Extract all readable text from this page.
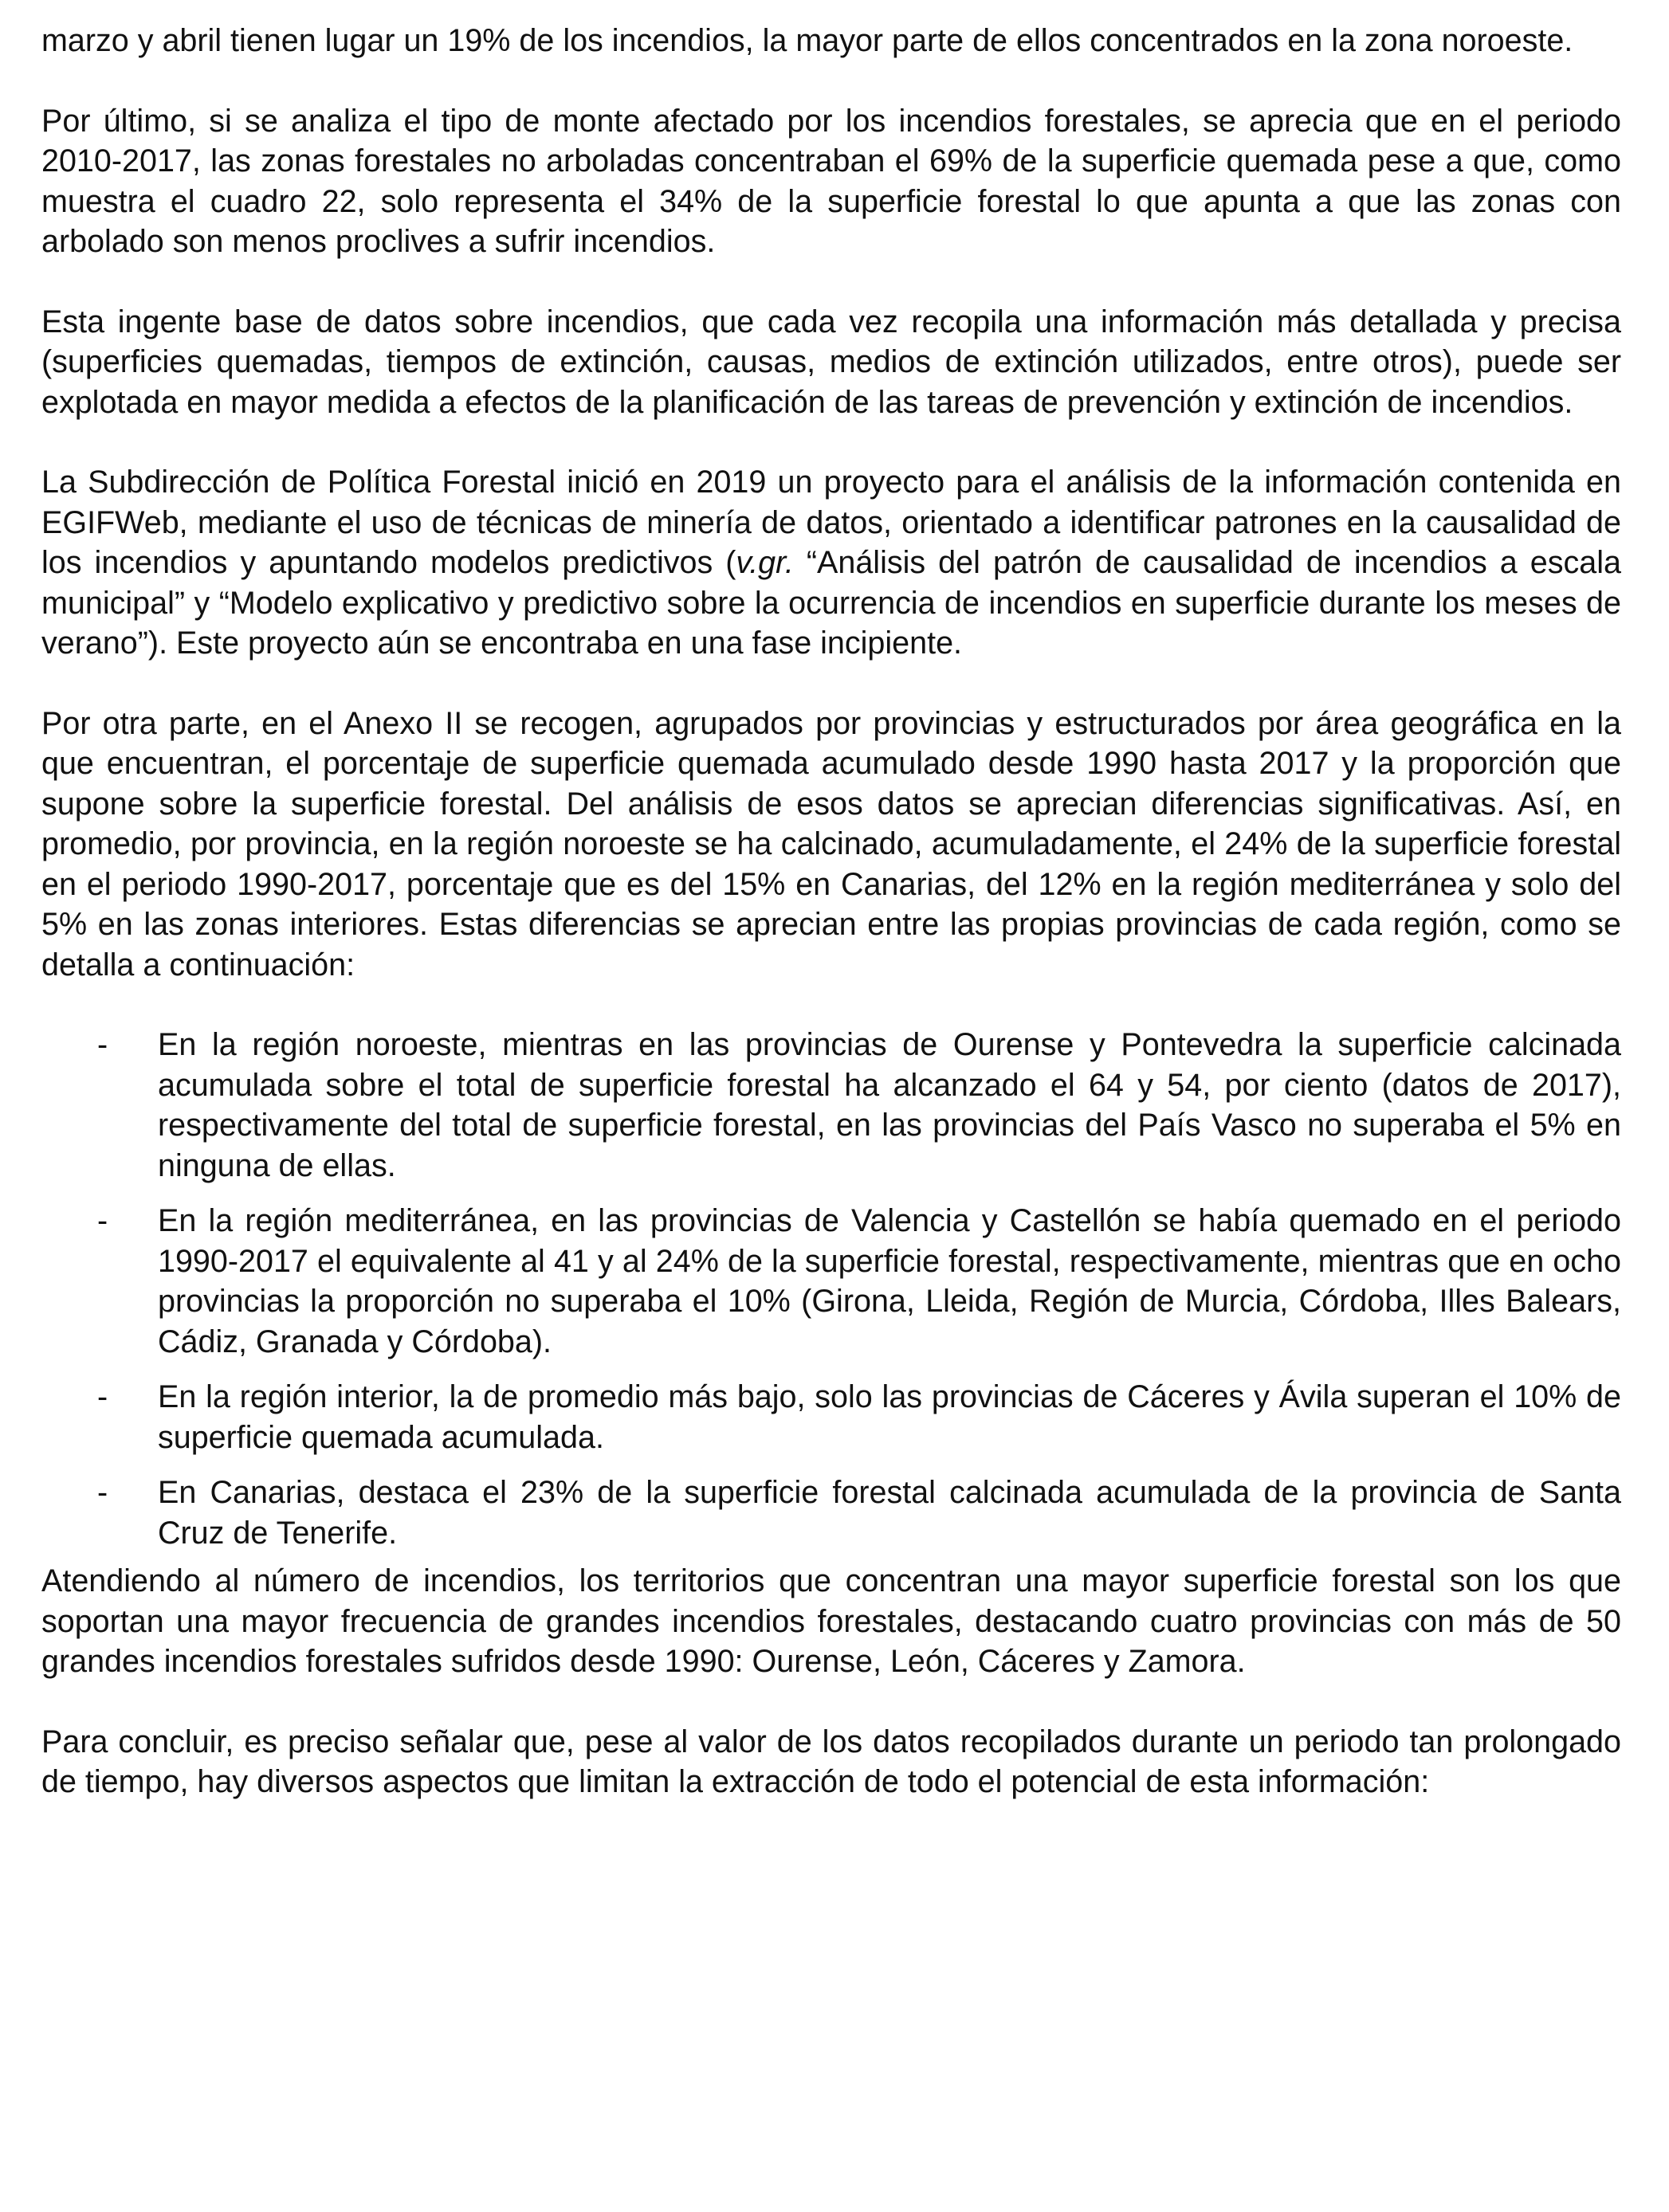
marzo y abril tienen lugar un 19% de los incendios, la mayor parte de ellos concentrados en la zona noroeste.

Por último, si se analiza el tipo de monte afectado por los incendios forestales, se aprecia que en el periodo 2010-2017, las zonas forestales no arboladas concentraban el 69% de la superficie quemada pese a que, como muestra el cuadro 22, solo representa el 34% de la superficie forestal lo que apunta a que las zonas con arbolado son menos proclives a sufrir incendios.

Esta ingente base de datos sobre incendios, que cada vez recopila una información más detallada y precisa (superficies quemadas, tiempos de extinción, causas, medios de extinción utilizados, entre otros), puede ser explotada en mayor medida a efectos de la planificación de las tareas de prevención y extinción de incendios.

La Subdirección de Política Forestal inició en 2019 un proyecto para el análisis de la información contenida en EGIFWeb, mediante el uso de técnicas de minería de datos, orientado a identificar patrones en la causalidad de los incendios y apuntando modelos predictivos (v.gr. “Análisis del patrón de causalidad de incendios a escala municipal” y “Modelo explicativo y predictivo sobre la ocurrencia de incendios en superficie durante los meses de verano”). Este proyecto aún se encontraba en una fase incipiente.

Por otra parte, en el Anexo II se recogen, agrupados por provincias y estructurados por área geográfica en la que encuentran, el porcentaje de superficie quemada acumulado desde 1990 hasta 2017 y la proporción que supone sobre la superficie forestal. Del análisis de esos datos se aprecian diferencias significativas. Así, en promedio, por provincia, en la región noroeste se ha calcinado, acumuladamente, el 24% de la superficie forestal en el periodo 1990-2017, porcentaje que es del 15% en Canarias, del 12% en la región mediterránea y solo del 5% en las zonas interiores. Estas diferencias se aprecian entre las propias provincias de cada región, como se detalla a continuación:

- En la región noroeste, mientras en las provincias de Ourense y Pontevedra la superficie calcinada acumulada sobre el total de superficie forestal ha alcanzado el 64 y 54, por ciento (datos de 2017), respectivamente del total de superficie forestal, en las provincias del País Vasco no superaba el 5% en ninguna de ellas.
- En la región mediterránea, en las provincias de Valencia y Castellón se había quemado en el periodo 1990-2017 el equivalente al 41 y al 24% de la superficie forestal, respectivamente, mientras que en ocho provincias la proporción no superaba el 10% (Girona, Lleida, Región de Murcia, Córdoba, Illes Balears, Cádiz, Granada y Córdoba).
- En la región interior, la de promedio más bajo, solo las provincias de Cáceres y Ávila superan el 10% de superficie quemada acumulada.
- En Canarias, destaca el 23% de la superficie forestal calcinada acumulada de la provincia de Santa Cruz de Tenerife.

Atendiendo al número de incendios, los territorios que concentran una mayor superficie forestal son los que soportan una mayor frecuencia de grandes incendios forestales, destacando cuatro provincias con más de 50 grandes incendios forestales sufridos desde 1990: Ourense, León, Cáceres y Zamora.

Para concluir, es preciso señalar que, pese al valor de los datos recopilados durante un periodo tan prolongado de tiempo, hay diversos aspectos que limitan la extracción de todo el potencial de esta información:
